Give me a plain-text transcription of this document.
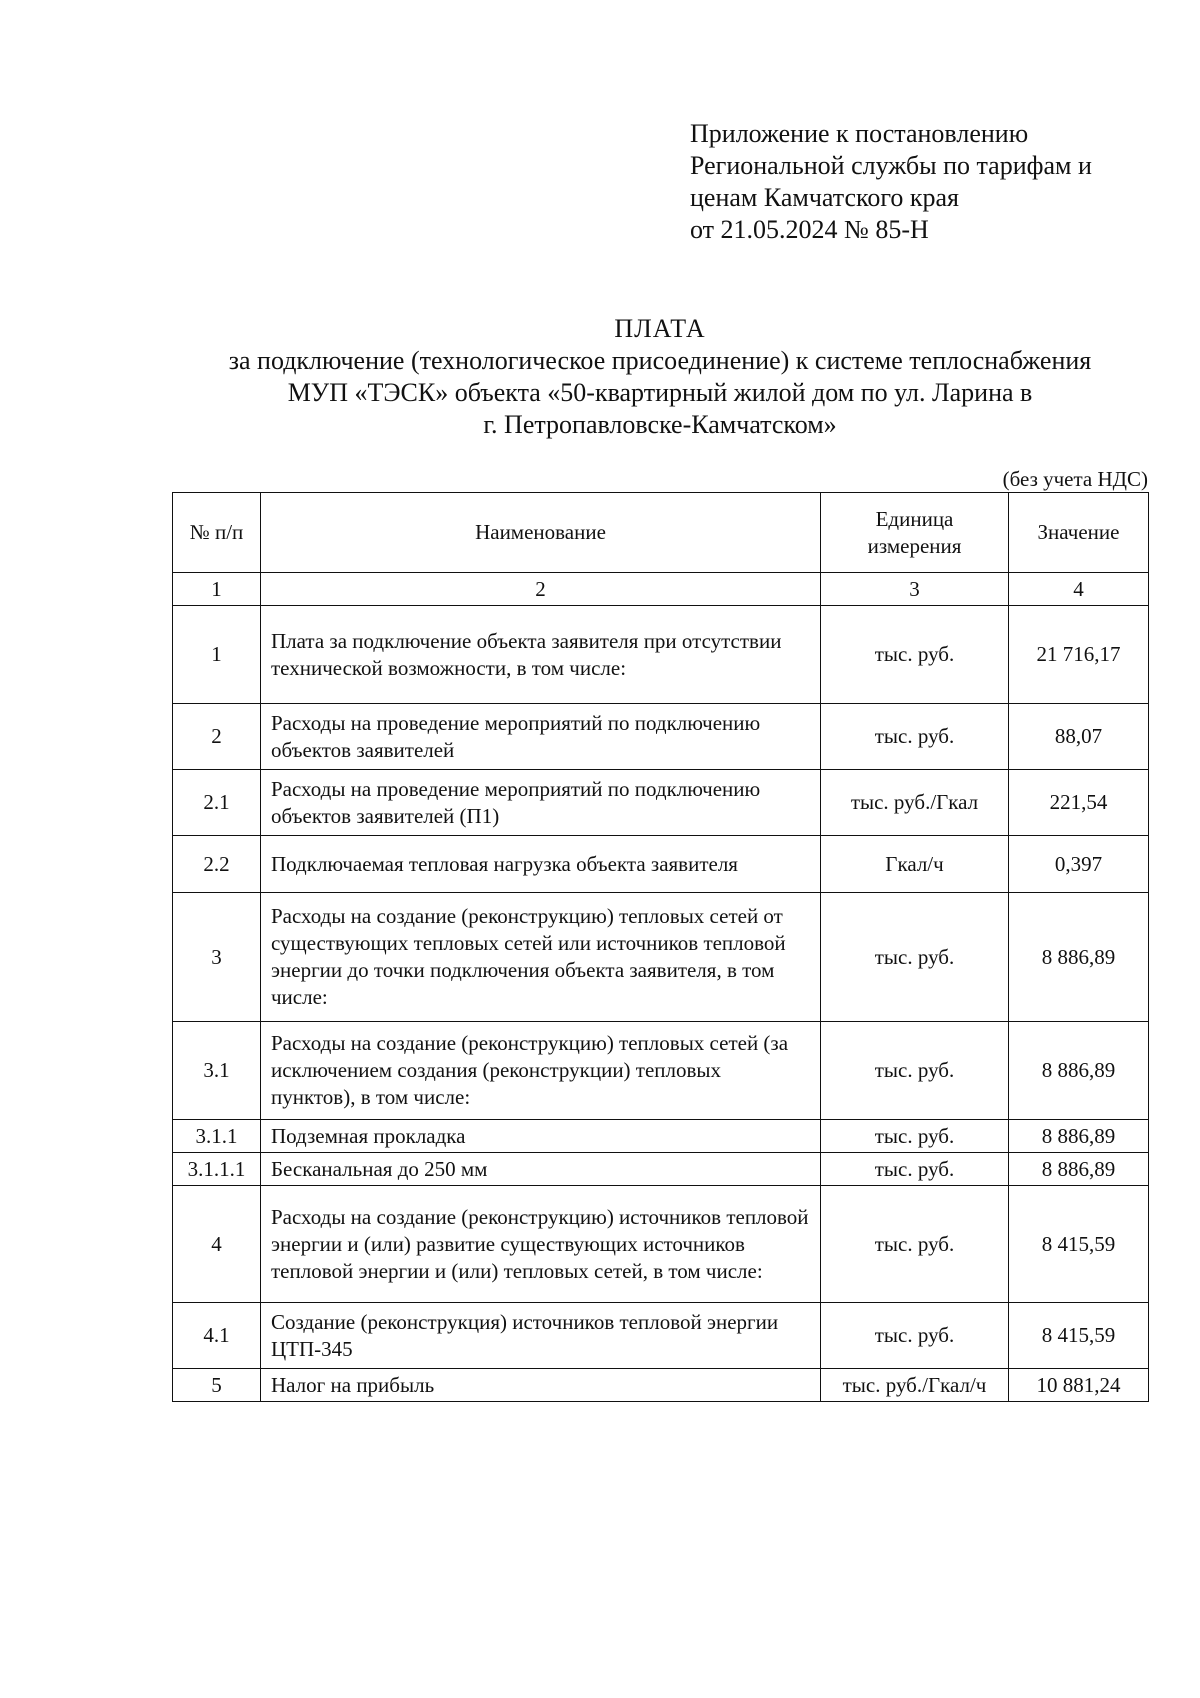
Приложение к постановлению
Региональной службы по тарифам и
ценам Камчатского края
от 21.05.2024 № 85-Н
ПЛАТА
за подключение (технологическое присоединение) к системе теплоснабжения
МУП «ТЭСК» объекта «50-квартирный жилой дом по ул. Ларина в
г. Петропавловске-Камчатском»
(без учета НДС)
№ п/п	Наименование	Единица измерения	Значение
1	2	3	4
1	Плата за подключение объекта заявителя при отсутствии технической возможности, в том числе:	тыс. руб.	21 716,17
2	Расходы на проведение мероприятий по подключению объектов заявителей	тыс. руб.	88,07
2.1	Расходы на проведение мероприятий по подключению объектов заявителей (П1)	тыс. руб./Гкал	221,54
2.2	Подключаемая тепловая нагрузка объекта заявителя	Гкал/ч	0,397
3	Расходы на создание (реконструкцию) тепловых сетей от существующих тепловых сетей или источников тепловой энергии до точки подключения объекта заявителя, в том числе:	тыс. руб.	8 886,89
3.1	Расходы на создание (реконструкцию) тепловых сетей (за исключением создания (реконструкции) тепловых пунктов), в том числе:	тыс. руб.	8 886,89
3.1.1	Подземная прокладка	тыс. руб.	8 886,89
3.1.1.1	Бесканальная до 250 мм	тыс. руб.	8 886,89
4	Расходы на создание (реконструкцию) источников тепловой энергии и (или) развитие существующих источников тепловой энергии и (или) тепловых сетей, в том числе:	тыс. руб.	8 415,59
4.1	Создание (реконструкция) источников тепловой энергии ЦТП-345	тыс. руб.	8 415,59
5	Налог на прибыль	тыс. руб./Гкал/ч	10 881,24
